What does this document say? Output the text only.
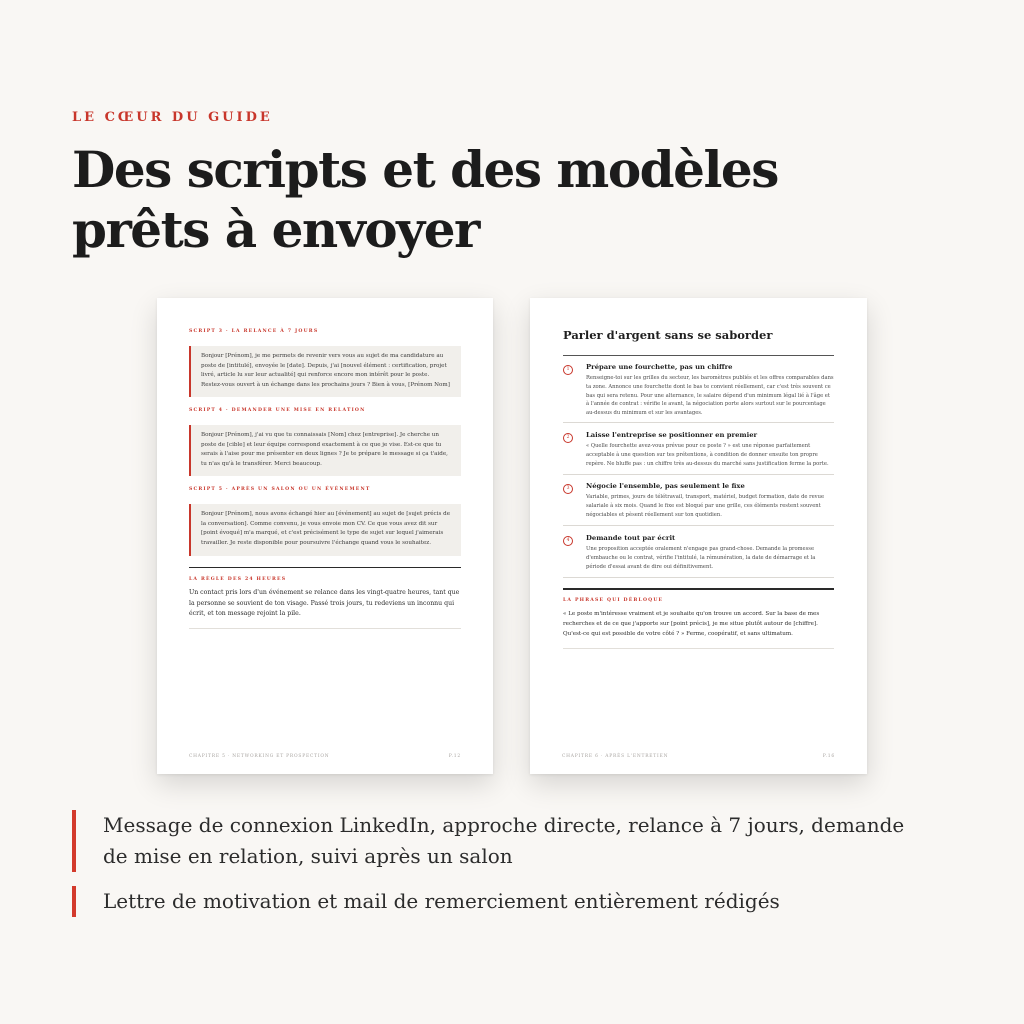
LE CŒUR DU GUIDE
Des scripts et des modèles prêts à envoyer
SCRIPT 3 · LA RELANCE À 7 JOURS
Bonjour [Prénom], je me permets de revenir vers vous au sujet de ma candidature au poste de [intitulé], envoyée le [date]. Depuis, j'ai [nouvel élément : certification, projet livré, article lu sur leur actualité] qui renforce encore mon intérêt pour le poste. Restez-vous ouvert à un échange dans les prochains jours ? Bien à vous, [Prénom Nom]
SCRIPT 4 · DEMANDER UNE MISE EN RELATION
Bonjour [Prénom], j'ai vu que tu connaissais [Nom] chez [entreprise]. Je cherche un poste de [cible] et leur équipe correspond exactement à ce que je vise. Est-ce que tu serais à l'aise pour me présenter en deux lignes ? Je te prépare le message si ça t'aide, tu n'as qu'à le transférer. Merci beaucoup.
SCRIPT 5 · APRÈS UN SALON OU UN ÉVÉNEMENT
Bonjour [Prénom], nous avons échangé hier au [événement] au sujet de [sujet précis de la conversation]. Comme convenu, je vous envoie mon CV. Ce que vous avez dit sur [point évoqué] m'a marqué, et c'est précisément le type de sujet sur lequel j'aimerais travailler. Je reste disponible pour poursuivre l'échange quand vous le souhaitez.
LA RÈGLE DES 24 HEURES
Un contact pris lors d'un événement se relance dans les vingt-quatre heures, tant que la personne se souvient de ton visage. Passé trois jours, tu redeviens un inconnu qui écrit, et ton message rejoint la pile.
CHAPITRE 5 · NETWORKING ET PROSPECTION	P.12
Parler d'argent sans se saborder
1	Prépare une fourchette, pas un chiffre
Renseigne-toi sur les grilles du secteur, les baromètres publiés et les offres comparables dans ta zone. Annonce une fourchette dont le bas te convient réellement, car c'est très souvent ce bas qui sera retenu. Pour une alternance, le salaire dépend d'un minimum légal lié à l'âge et à l'année de contrat : vérifie le avant, la négociation porte alors surtout sur le pourcentage au-dessus du minimum et sur les avantages.
2	Laisse l'entreprise se positionner en premier
« Quelle fourchette avez-vous prévue pour ce poste ? » est une réponse parfaitement acceptable à une question sur tes prétentions, à condition de donner ensuite ton propre repère. Ne bluffe pas : un chiffre très au-dessus du marché sans justification ferme la porte.
3	Négocie l'ensemble, pas seulement le fixe
Variable, primes, jours de télétravail, transport, matériel, budget formation, date de revue salariale à six mois. Quand le fixe est bloqué par une grille, ces éléments restent souvent négociables et pèsent réellement sur ton quotidien.
4	Demande tout par écrit
Une proposition acceptée oralement n'engage pas grand-chose. Demande la promesse d'embauche ou le contrat, vérifie l'intitulé, la rémunération, la date de démarrage et la période d'essai avant de dire oui définitivement.
LA PHRASE QUI DÉBLOQUE
« Le poste m'intéresse vraiment et je souhaite qu'on trouve un accord. Sur la base de mes recherches et de ce que j'apporte sur [point précis], je me situe plutôt autour de [chiffre]. Qu'est-ce qui est possible de votre côté ? » Ferme, coopératif, et sans ultimatum.
CHAPITRE 6 · APRÈS L'ENTRETIEN	P.16
Message de connexion LinkedIn, approche directe, relance à 7 jours, demande de mise en relation, suivi après un salon
Lettre de motivation et mail de remerciement entièrement rédigés
